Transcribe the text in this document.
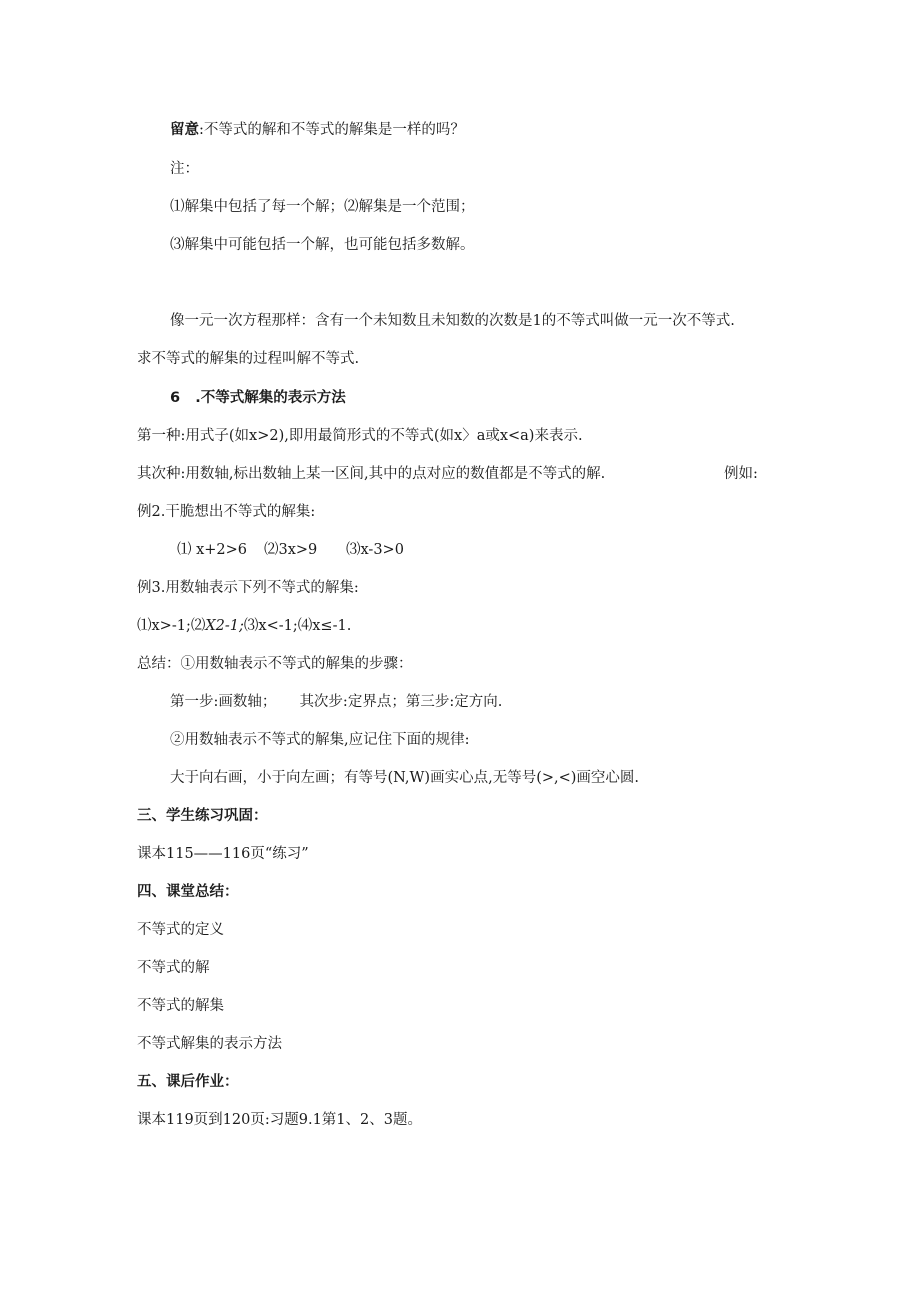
留意:不等式的解和不等式的解集是一样的吗？
注：
⑴解集中包括了每一个解；⑵解集是一个范围；
⑶解集中可能包括一个解，也可能包括多数解。
像一元一次方程那样：含有一个未知数且未知数的次数是1的不等式叫做一元一次不等式.
求不等式的解集的过程叫解不等式.
6 .不等式解集的表示方法
第一种:用式子(如x>2),即用最简形式的不等式(如x〉a或x<a)来表示.
其次种:用数轴,标出数轴上某一区间,其中的点对应的数值都是不等式的解.	例如:
例2.干脆想出不等式的解集:
⑴ x+2>6 ⑵3x>9 ⑶x-3>0
例3.用数轴表示下列不等式的解集:
⑴x>-1;⑵X2-1;⑶x<-1;⑷x≤-1.
总结：①用数轴表示不等式的解集的步骤：
第一步:画数轴； 其次步:定界点；第三步:定方向.
②用数轴表示不等式的解集,应记住下面的规律:
大于向右画，小于向左画；有等号(N,W)画实心点,无等号(>,<)画空心圆.
三、学生练习巩固：
课本115——116页“练习”
四、课堂总结：
不等式的定义
不等式的解
不等式的解集
不等式解集的表示方法
五、课后作业：
课本119页到120页:习题9.1第1、2、3题。
